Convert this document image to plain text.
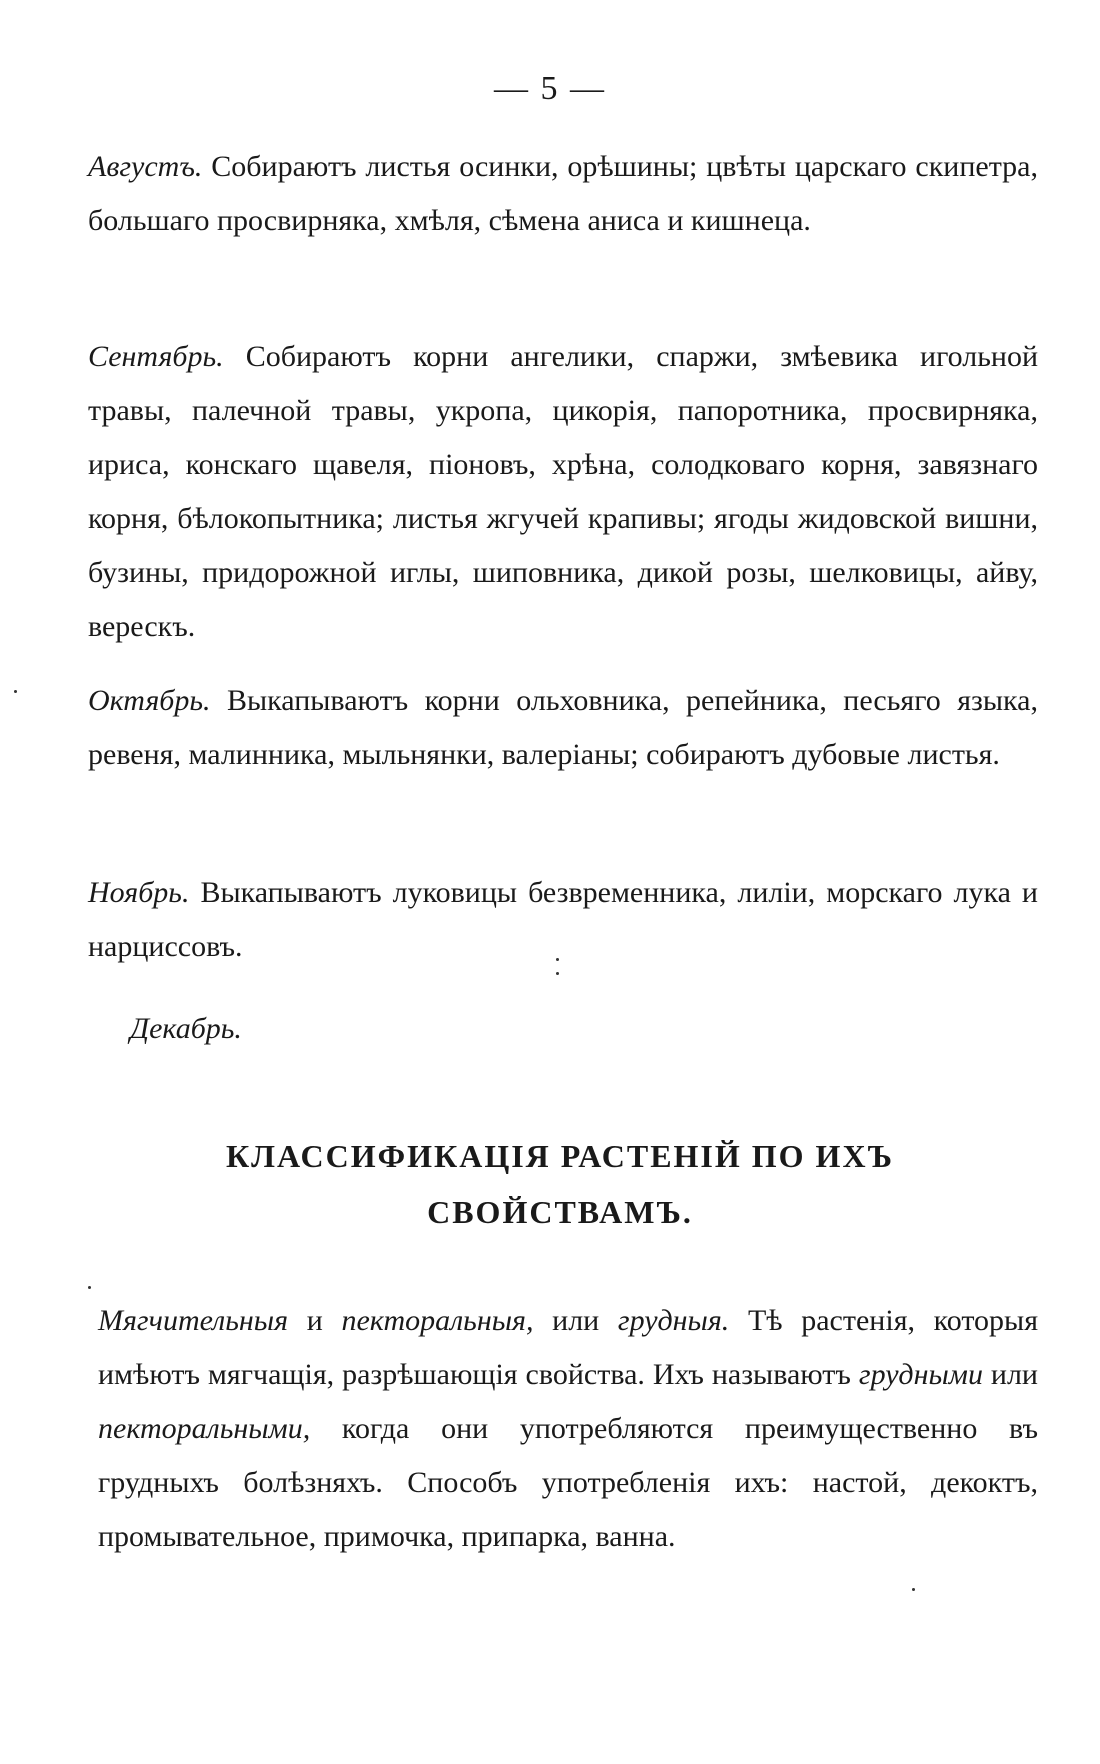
— 5 —

Августъ. Собираютъ листья осинки, орѣшины; цвѣты царскаго скипетра, большаго просвирняка, хмѣля, сѣмена аниса и кишнеца.

Сентябрь. Собираютъ корни ангелики, спаржи, змѣевика игольной травы, палечной травы, укропа, цикорія, папоротника, просвирняка, ириса, конскаго щавеля, піоновъ, хрѣна, солодковаго корня, завязнаго корня, бѣлокопытника; листья жгучей крапивы; ягоды жидовской вишни, бузины, придорожной иглы, шиповника, дикой розы, шелковицы, айву, верескъ.

Октябрь. Выкапываютъ корни ольховника, репейника, песьяго языка, ревеня, малинника, мыльнянки, валеріаны; собираютъ дубовые листья.

Ноябрь. Выкапываютъ луковицы безвременника, лиліи, морскаго лука и нарциссовъ.

Декабрь.

КЛАССИФИКАЦІЯ РАСТЕНІЙ ПО ИХЪ
СВОЙСТВАМЪ.

Мягчительныя и пекторальныя, или грудныя. Тѣ растенія, которыя имѣютъ мягчащія, разрѣшающія свойства. Ихъ называютъ грудными или пекторальными, когда они употребляются преимущественно въ грудныхъ болѣзняхъ. Способъ употребленія ихъ: настой, декоктъ, промывательное, примочка, припарка, ванна.
